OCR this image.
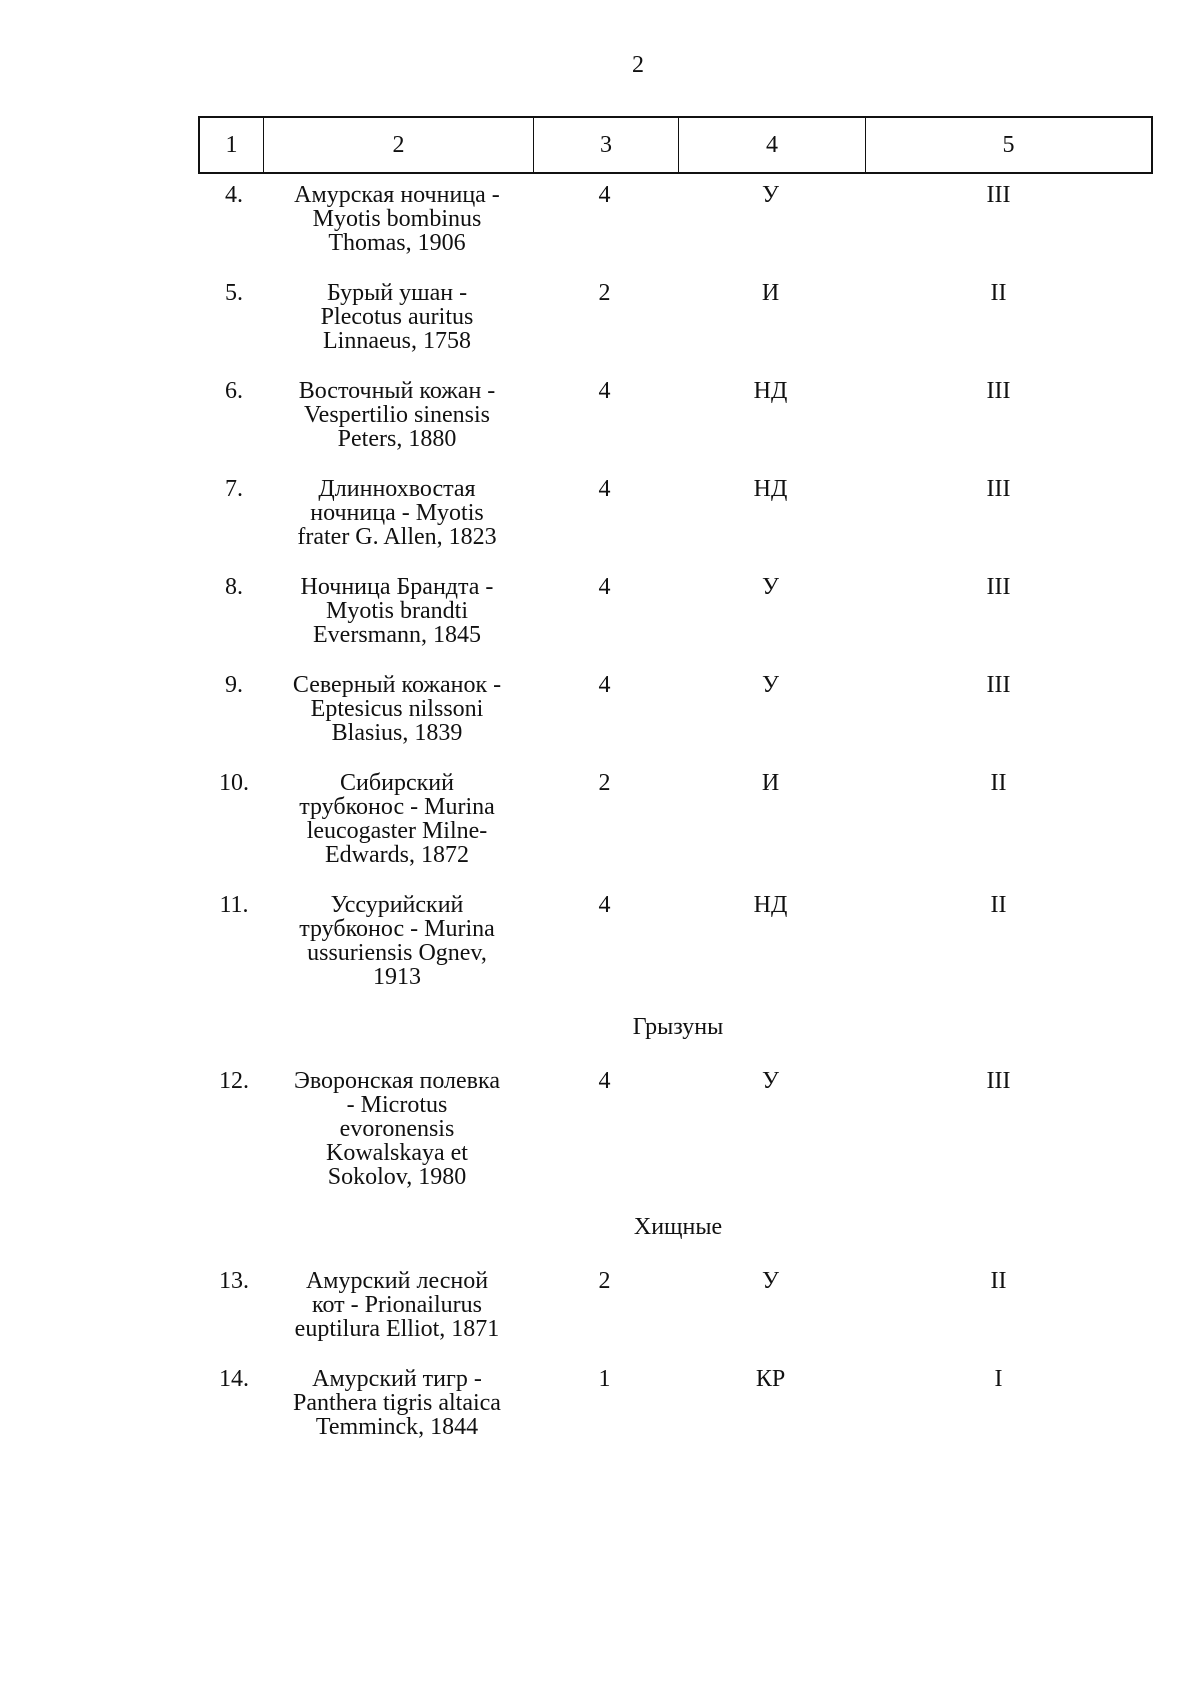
2
1	2	3	4	5
4.	Амурская ночница -
Myotis bombinus
Thomas, 1906
4	У	III
5.	Бурый ушан -
Plecotus auritus
Linnaeus, 1758
2	И	II
6.	Восточный кожан -
Vespertilio sinensis
Peters, 1880
4	НД	III
7.	Длиннохвостая
ночница - Myotis
frater G. Allen, 1823
4	НД	III
8.	Ночница Брандта -
Myotis brandti
Eversmann, 1845
4	У	III
9.	Северный кожанок -
Eptesicus nilssoni
Blasius, 1839
4	У	III
10.	Сибирский
трубконос - Murina
leucogaster Milne-
Edwards, 1872
2	И	II
11.	Уссурийский
трубконос - Murina
ussuriensis Ognev,
1913
4	НД	II
Грызуны
12.	Эворонская полевка
- Microtus
evoronensis
Kowalskaya et
Sokolov, 1980
4	У	III
Хищные
13.	Амурский лесной
кот - Prionailurus
euptilura Elliot, 1871
2	У	II
14.	Амурский тигр -
Panthera tigris altaica
Temminck, 1844
1	КР	I
